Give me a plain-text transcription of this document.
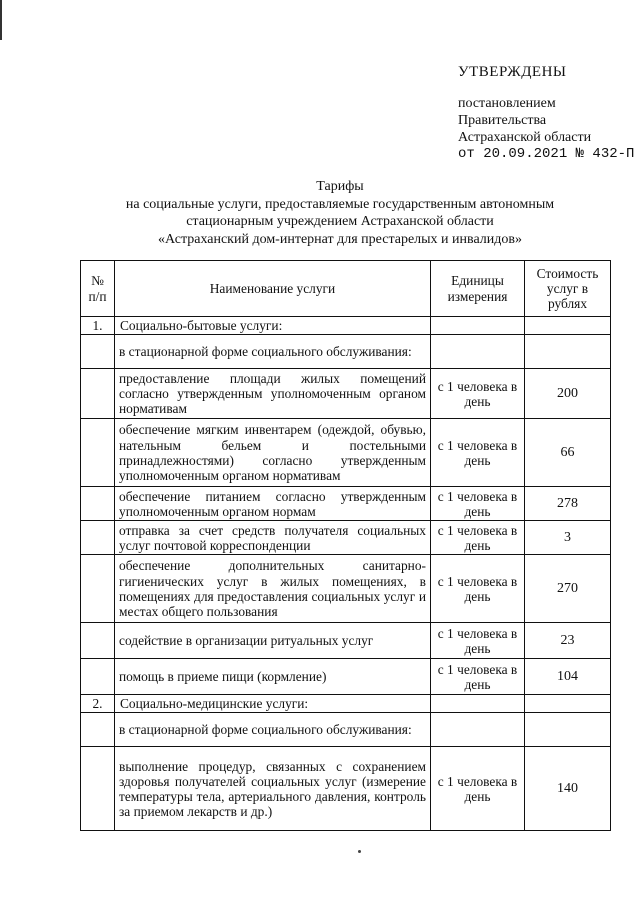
УТВЕРЖДЕНЫ
постановлением
Правительства
Астраханской области
от 20.09.2021 № 432-П
Тарифы
на социальные услуги, предоставляемые государственным автономным
стационарным учреждением Астраханской области
«Астраханский дом-интернат для престарелых и инвалидов»
№ п/п	Наименование услуги	Единицы измерения	Стоимость услуг в рублях
1.	Социально-бытовые услуги:		
	в стационарной форме социального обслуживания:		
	предоставление площади жилых помещений согласно утвержденным уполномоченным органом нормативам	с 1 человека в день	200
	обеспечение мягким инвентарем (одеждой, обувью, нательным бельем и постельными принадлежностями) согласно утвержденным уполномоченным органом нормативам	с 1 человека в день	66
	обеспечение питанием согласно утвержденным уполномоченным органом нормам	с 1 человека в день	278
	отправка за счет средств получателя социальных услуг почтовой корреспонденции	с 1 человека в день	3
	обеспечение дополнительных санитарно-гигиенических услуг в жилых помещениях, в помещениях для предоставления социальных услуг и местах общего пользования	с 1 человека в день	270
	содействие в организации ритуальных услуг	с 1 человека в день	23
	помощь в приеме пищи (кормление)	с 1 человека в день	104
2.	Социально-медицинские услуги:		
	в стационарной форме социального обслуживания:		
	выполнение процедур, связанных с сохранением здоровья получателей социальных услуг (измерение температуры тела, артериального давления, контроль за приемом лекарств и др.)	с 1 человека в день	140
